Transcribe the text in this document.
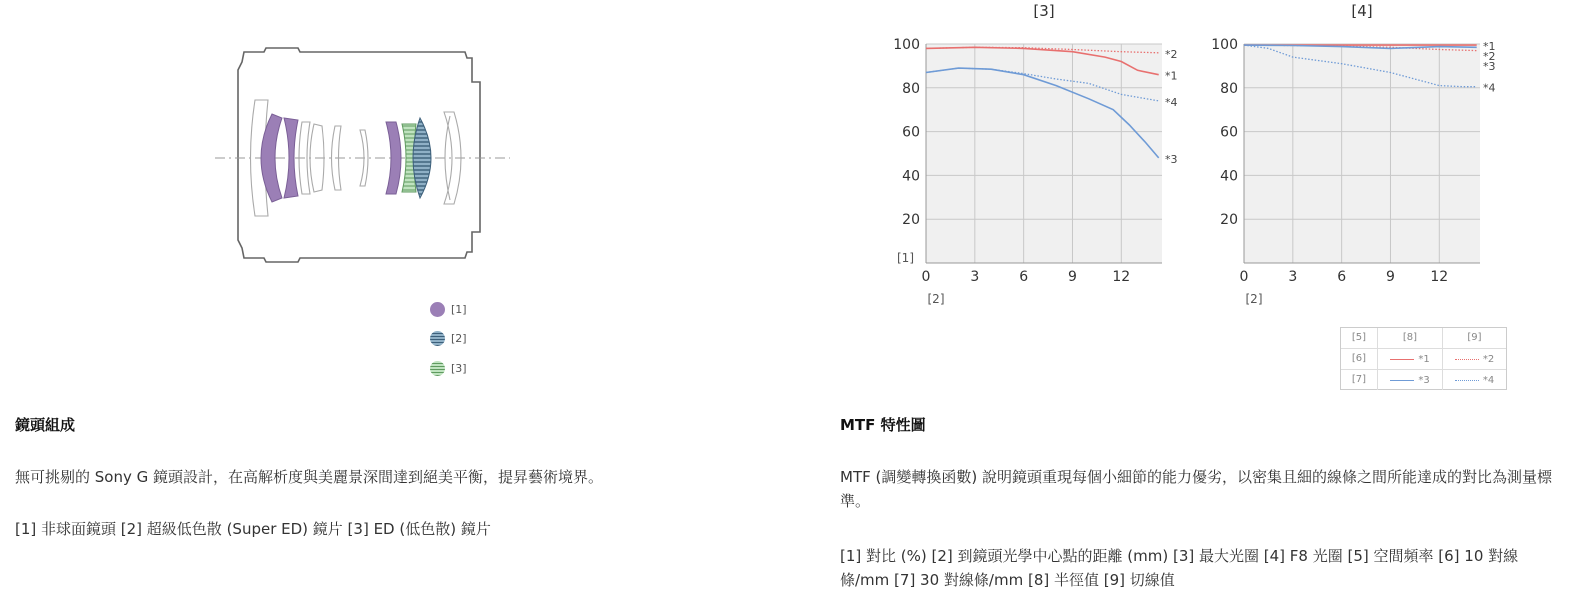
[1]
[2]
[3]
鏡頭組成
無可挑剔的 Sony G 鏡頭設計，在高解析度與美麗景深間達到絕美平衡，提昇藝術境界。
[1] 非球面鏡頭 [2] 超級低色散 (Super ED) 鏡片 [3] ED (低色散) 鏡片
[3]
20
40
60
80
100
0	3	6	9	12
[1]
[2]
*1
*2
*3
*4
[4]
20
40
60
80
100
0	3	6	9	12
[2]
*1
*2
*3
*4
[5]	[8]	[9]
[6]	*1	*2
[7]	*3	*4
MTF 特性圖
MTF (調變轉換函數) 說明鏡頭重現每個小細節的能力優劣，以密集且細的線條之間所能達成的對比為測量標準。
[1] 對比 (%) [2] 到鏡頭光學中心點的距離 (mm) [3] 最大光圈 [4] F8 光圈 [5] 空間頻率 [6] 10 對線條/mm [7] 30 對線條/mm [8] 半徑值 [9] 切線值
